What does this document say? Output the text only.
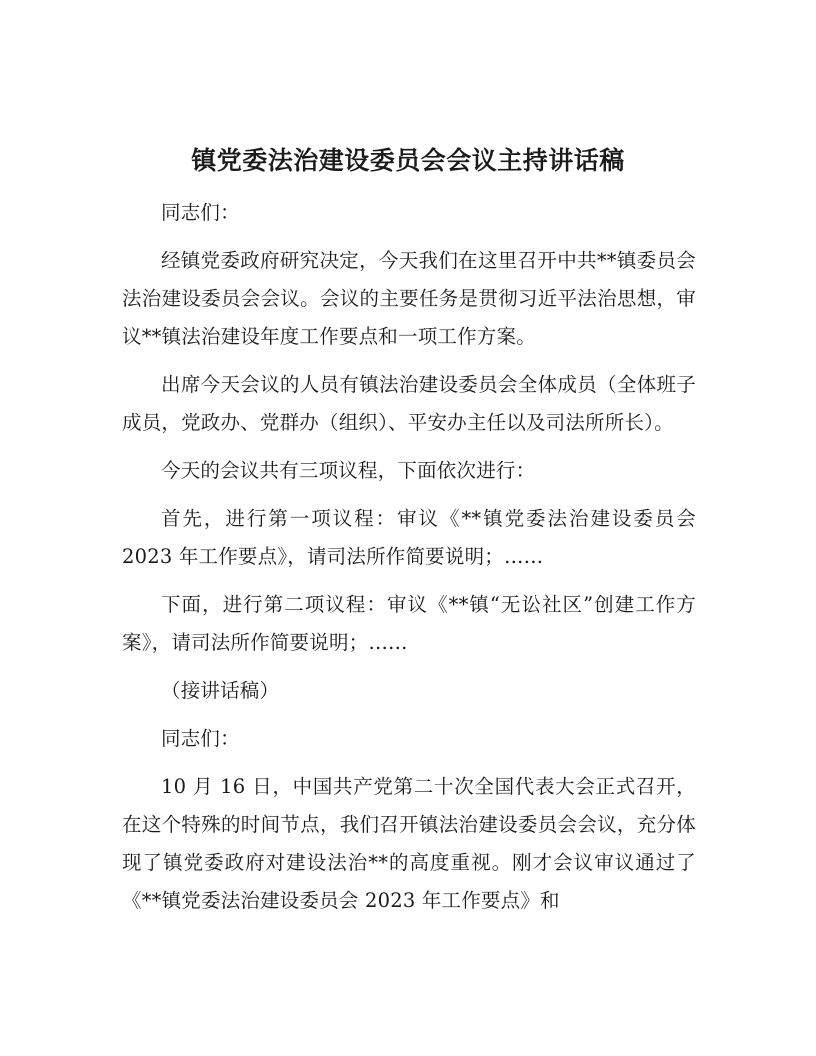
镇党委法治建设委员会会议主持讲话稿

同志们：

经镇党委政府研究决定，今天我们在这里召开中共**镇委员会法治建设委员会会议。会议的主要任务是贯彻习近平法治思想，审议**镇法治建设年度工作要点和一项工作方案。

出席今天会议的人员有镇法治建设委员会全体成员（全体班子成员，党政办、党群办（组织）、平安办主任以及司法所所长）。

今天的会议共有三项议程，下面依次进行：

首先，进行第一项议程：审议《**镇党委法治建设委员会2023 年工作要点》，请司法所作简要说明；……

下面，进行第二项议程：审议《**镇“无讼社区”创建工作方案》，请司法所作简要说明；……

（接讲话稿）

同志们：

10 月 16 日，中国共产党第二十次全国代表大会正式召开，在这个特殊的时间节点，我们召开镇法治建设委员会会议，充分体现了镇党委政府对建设法治**的高度重视。刚才会议审议通过了《**镇党委法治建设委员会 2023 年工作要点》和
